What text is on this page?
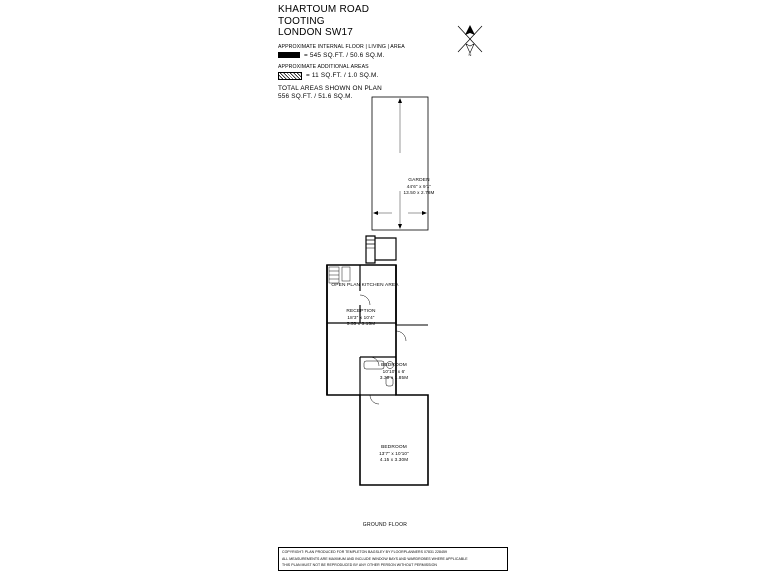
KHARTOUM ROAD
TOOTING
LONDON SW17
APPROXIMATE INTERNAL FLOOR | LIVING | AREA
= 545 SQ.FT. / 50.6 SQ.M.
APPROXIMATE ADDITIONAL AREAS
= 11 SQ.FT. / 1.0 SQ.M.
TOTAL AREAS SHOWN ON PLAN
556 SQ.FT. / 51.6 SQ.M.
N
GARDEN
44'6" x 9'1"
13.50 x 2.78M
OPEN PLAN KITCHEN AREA
RECEPTION
18'3" x 10'4"
5.55 x 3.15M
BEDROOM
10'10" x 6'
3.30 x 1.85M
BEDROOM
13'7" x 10'10"
4.15 x 3.30M
GROUND FLOOR

COPYRIGHT: PLAN PRODUCED FOR TEMPLETON BAGSLEY BY FLOORPLANNERS 07831 228459

ALL MEASUREMENTS ARE MAXIMUM AND INCLUDE WINDOW BAYS AND WARDROBES WHERE APPLICABLE

THIS PLAN MUST NOT BE REPRODUCED BY ANY OTHER PERSON WITHOUT PERMISSION
